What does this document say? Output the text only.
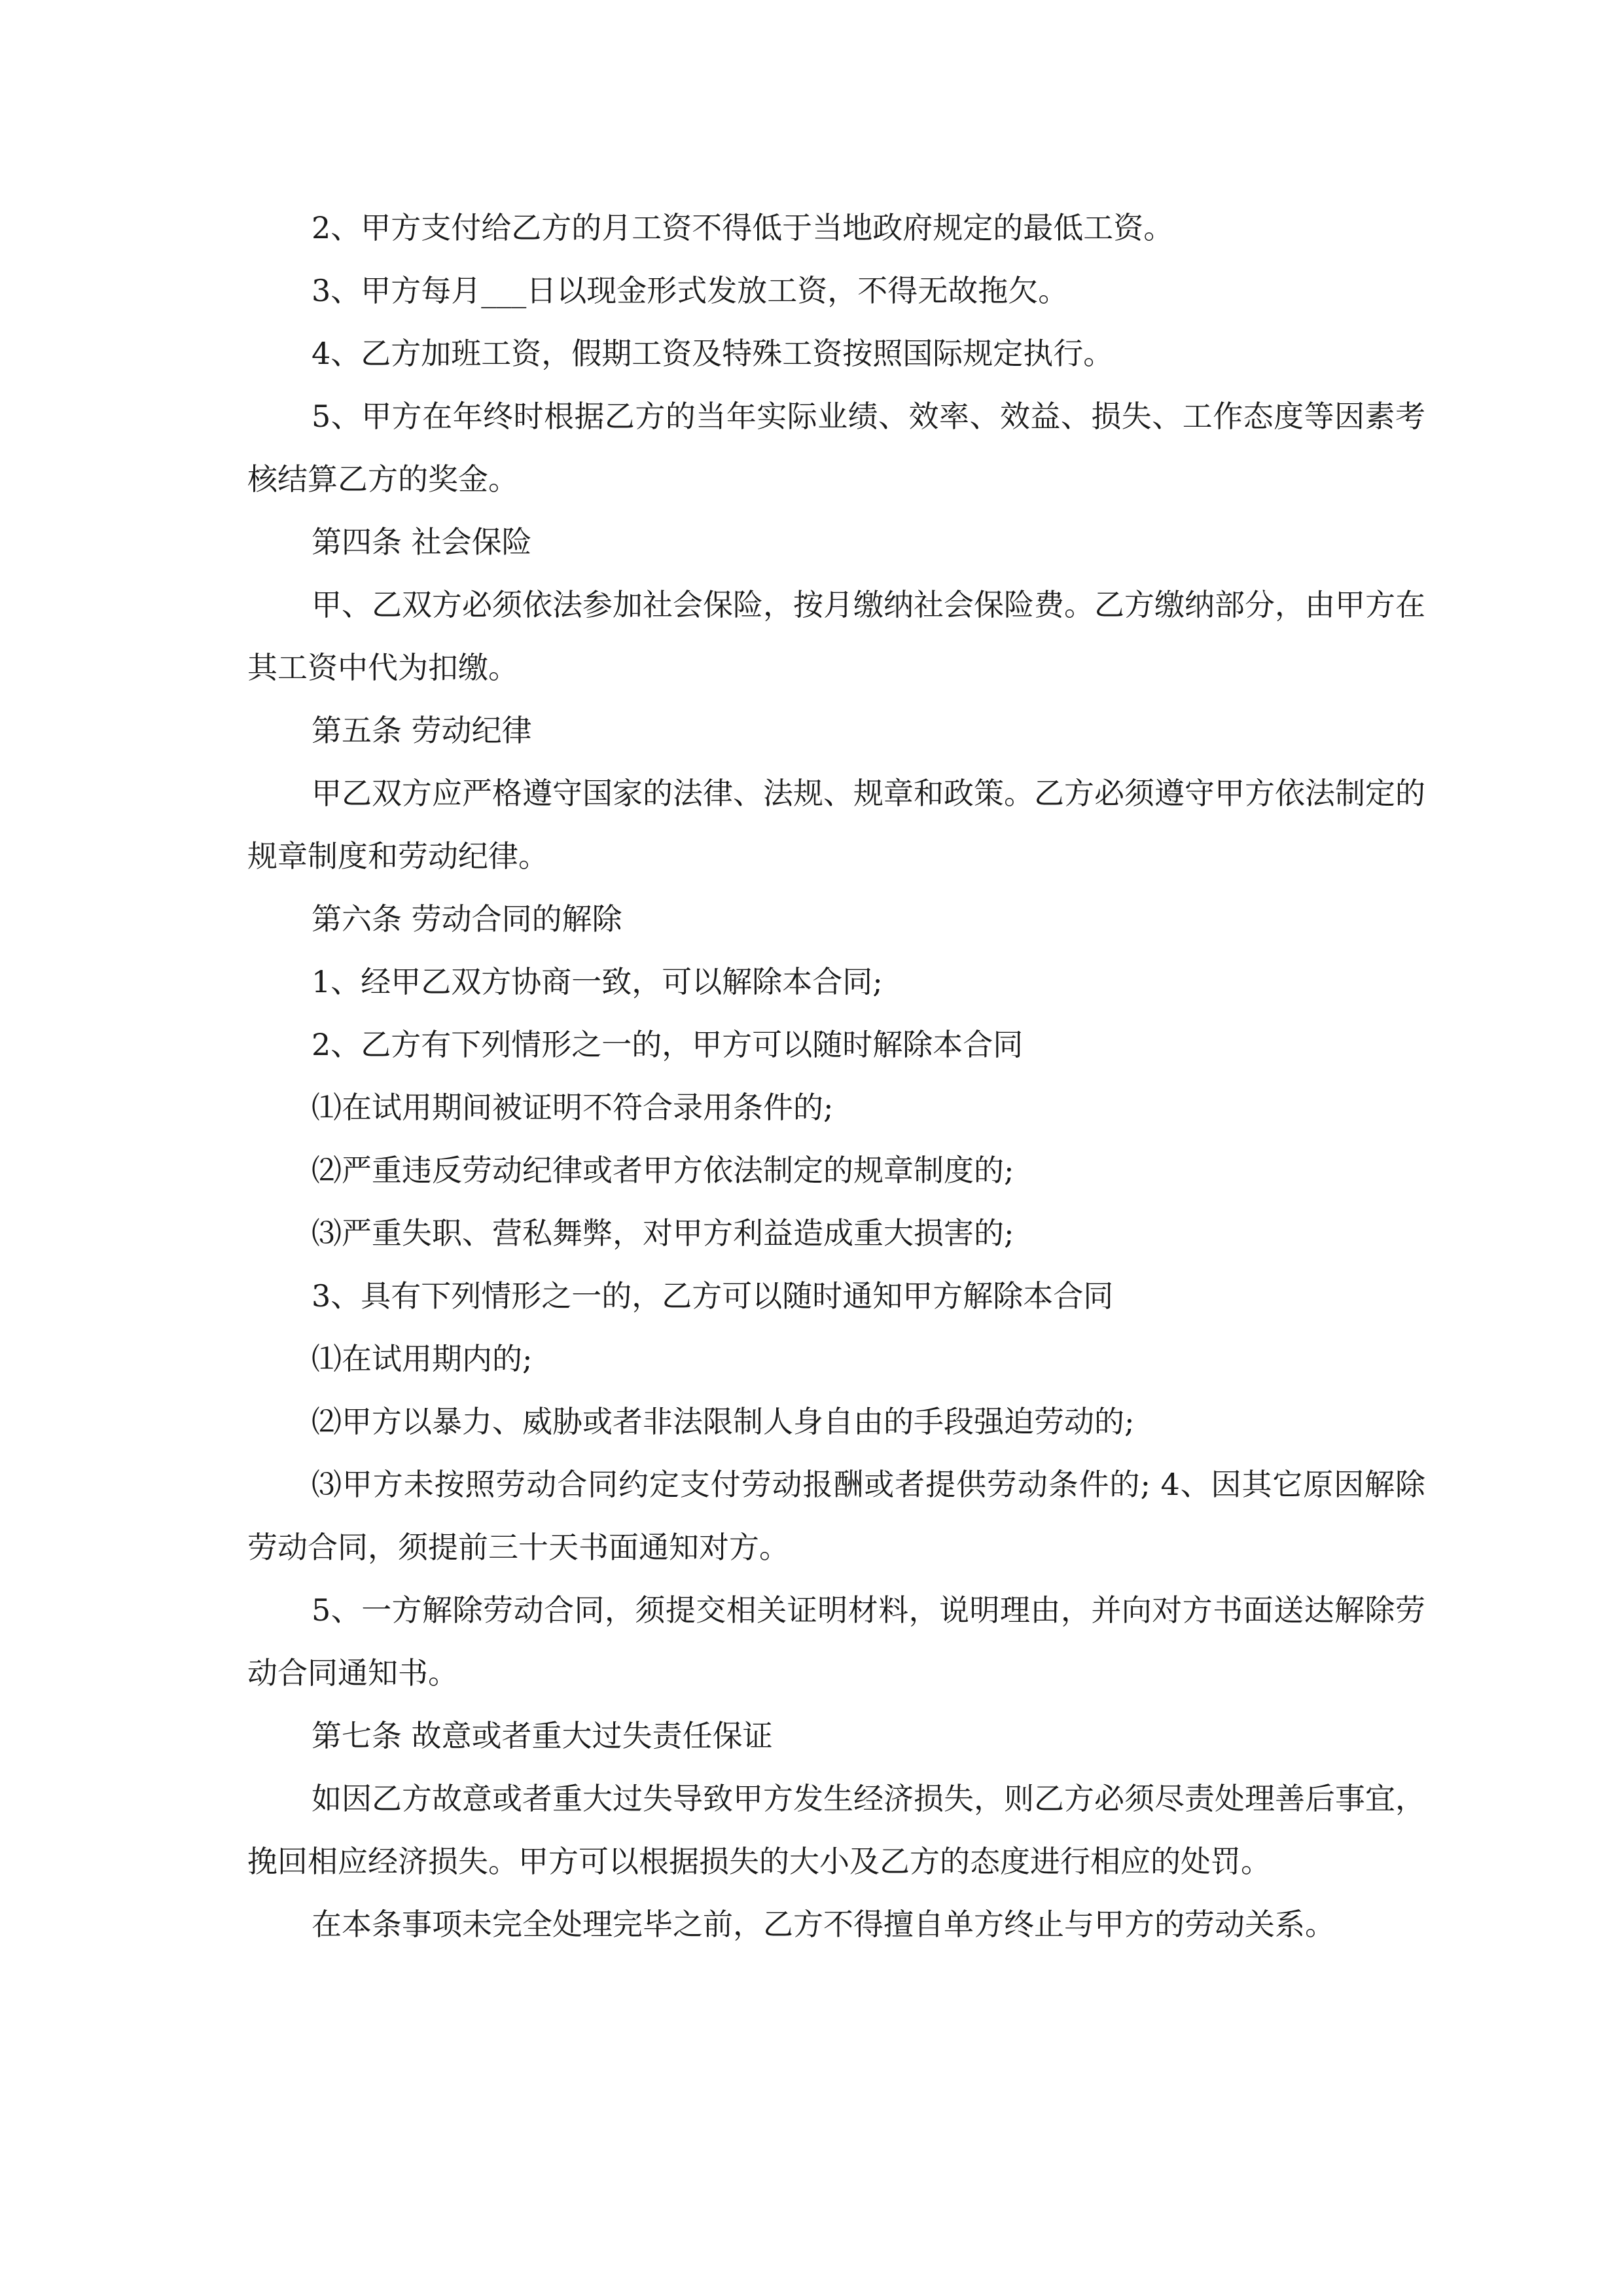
2、甲方支付给乙方的月工资不得低于当地政府规定的最低工资。

3、甲方每月___日以现金形式发放工资，不得无故拖欠。

4、乙方加班工资，假期工资及特殊工资按照国际规定执行。

5、甲方在年终时根据乙方的当年实际业绩、效率、效益、损失、工作态度等因素考核结算乙方的奖金。

第四条 社会保险

甲、乙双方必须依法参加社会保险，按月缴纳社会保险费。乙方缴纳部分，由甲方在其工资中代为扣缴。

第五条 劳动纪律

甲乙双方应严格遵守国家的法律、法规、规章和政策。乙方必须遵守甲方依法制定的规章制度和劳动纪律。

第六条 劳动合同的解除

1、经甲乙双方协商一致，可以解除本合同;

2、乙方有下列情形之一的，甲方可以随时解除本合同

⑴在试用期间被证明不符合录用条件的;

⑵严重违反劳动纪律或者甲方依法制定的规章制度的;

⑶严重失职、营私舞弊，对甲方利益造成重大损害的;

3、具有下列情形之一的，乙方可以随时通知甲方解除本合同

⑴在试用期内的;

⑵甲方以暴力、威胁或者非法限制人身自由的手段强迫劳动的;

⑶甲方未按照劳动合同约定支付劳动报酬或者提供劳动条件的; 4、因其它原因解除劳动合同，须提前三十天书面通知对方。

5、一方解除劳动合同，须提交相关证明材料，说明理由，并向对方书面送达解除劳动合同通知书。

第七条 故意或者重大过失责任保证

如因乙方故意或者重大过失导致甲方发生经济损失，则乙方必须尽责处理善后事宜，挽回相应经济损失。甲方可以根据损失的大小及乙方的态度进行相应的处罚。

在本条事项未完全处理完毕之前，乙方不得擅自单方终止与甲方的劳动关系。
